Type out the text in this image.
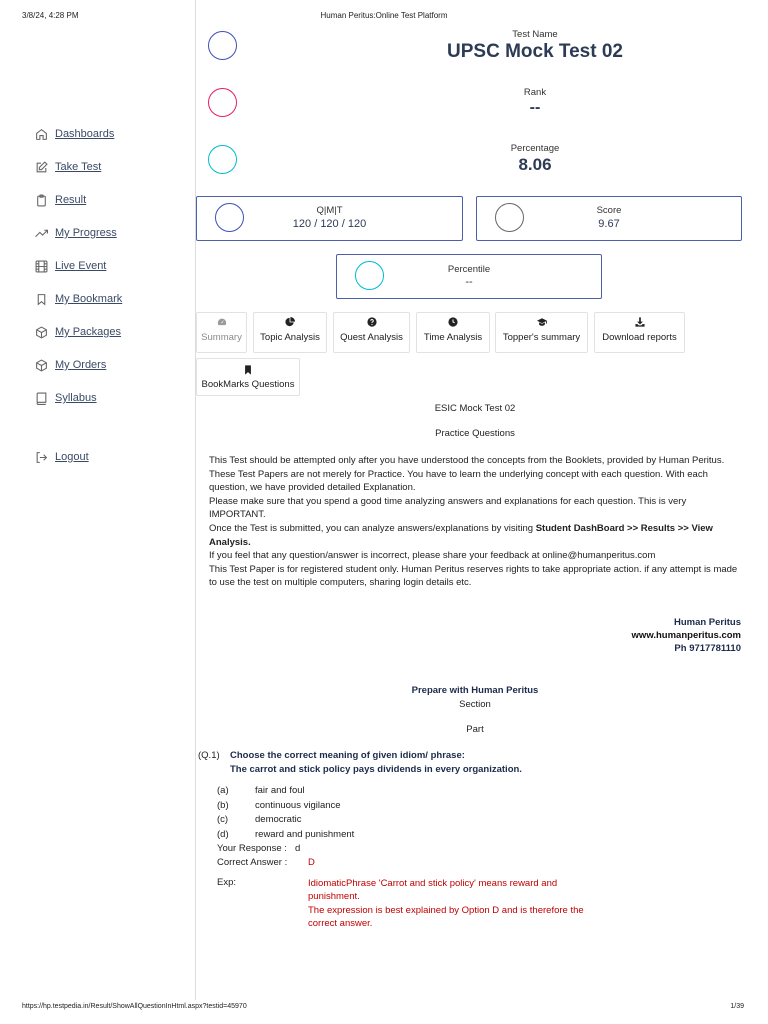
3/8/24, 4:28 PM	Human Peritus:Online Test Platform
Dashboards
Take Test
Result
My Progress
Live Event
My Bookmark
My Packages
My Orders
Syllabus
Logout
Test Name
UPSC Mock Test 02
Rank
--
Percentage
8.06
Q|M|T
120 / 120 / 120
Score
9.67
Percentile
--
Summary	Topic Analysis	Quest Analysis	Time Analysis	Topper's summary	Download reports
BookMarks Questions
ESIC Mock Test 02
Practice Questions
This Test should be attempted only after you have understood the concepts from the Booklets, provided by Human Peritus.
These Test Papers are not merely for Practice. You have to learn the underlying concept with each question. With each question, we have provided detailed Explanation.
Please make sure that you spend a good time analyzing answers and explanations for each question. This is very IMPORTANT.
Once the Test is submitted, you can analyze answers/explanations by visiting Student DashBoard >> Results >> View Analysis.
If you feel that any question/answer is incorrect, please share your feedback at online@humanperitus.com
This Test Paper is for registered student only. Human Peritus reserves rights to take appropriate action. if any attempt is made to use the test on multiple computers, sharing login details etc.
Human Peritus
www.humanperitus.com
Ph 9717781110
Prepare with Human Peritus
Section
Part
(Q.1) Choose the correct meaning of given idiom/ phrase:
The carrot and stick policy pays dividends in every organization.
(a)	fair and foul
(b)	continuous vigilance
(c)	democratic
(d)	reward and punishment
Your Response : d
Correct Answer : D
Exp:	IdiomaticPhrase 'Carrot and stick policy' means reward and punishment.
The expression is best explained by Option D and is therefore the correct answer.
https://hp.testpedia.in/Result/ShowAllQuestionInHtml.aspx?testid=45970	1/39
